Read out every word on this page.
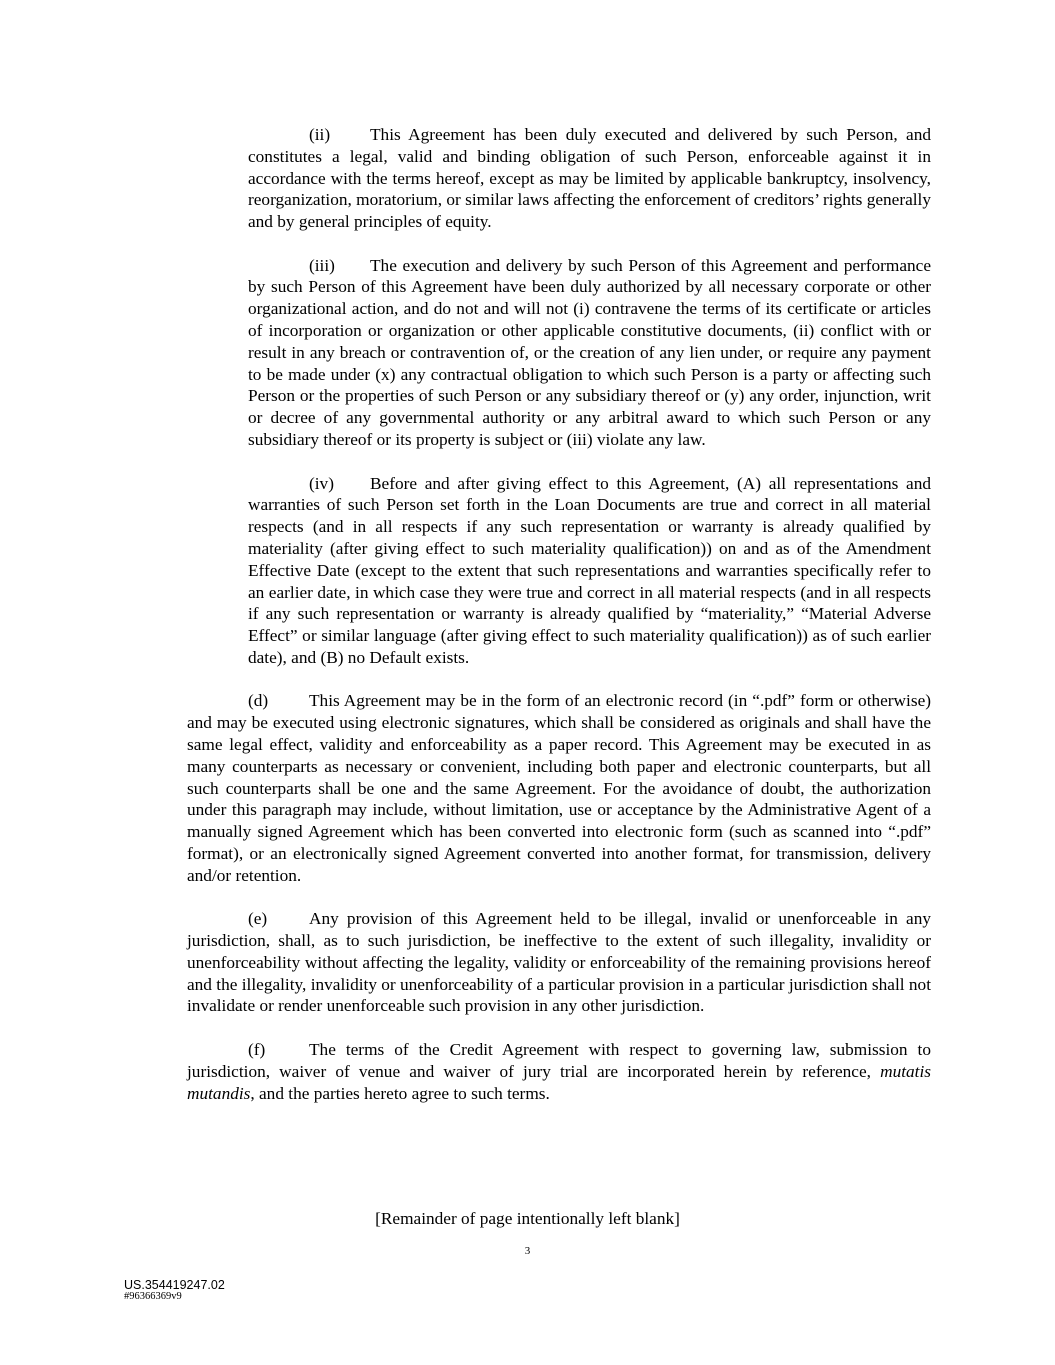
(ii) This Agreement has been duly executed and delivered by such Person, and constitutes a legal, valid and binding obligation of such Person, enforceable against it in accordance with the terms hereof, except as may be limited by applicable bankruptcy, insolvency, reorganization, moratorium, or similar laws affecting the enforcement of creditors’ rights generally and by general principles of equity.

(iii) The execution and delivery by such Person of this Agreement and performance by such Person of this Agreement have been duly authorized by all necessary corporate or other organizational action, and do not and will not (i) contravene the terms of its certificate or articles of incorporation or organization or other applicable constitutive documents, (ii) conflict with or result in any breach or contravention of, or the creation of any lien under, or require any payment to be made under (x) any contractual obligation to which such Person is a party or affecting such Person or the properties of such Person or any subsidiary thereof or (y) any order, injunction, writ or decree of any governmental authority or any arbitral award to which such Person or any subsidiary thereof or its property is subject or (iii) violate any law.

(iv) Before and after giving effect to this Agreement, (A) all representations and warranties of such Person set forth in the Loan Documents are true and correct in all material respects (and in all respects if any such representation or warranty is already qualified by materiality (after giving effect to such materiality qualification)) on and as of the Amendment Effective Date (except to the extent that such representations and warranties specifically refer to an earlier date, in which case they were true and correct in all material respects (and in all respects if any such representation or warranty is already qualified by “materiality,” “Material Adverse Effect” or similar language (after giving effect to such materiality qualification)) as of such earlier date), and (B) no Default exists.

(d) This Agreement may be in the form of an electronic record (in “.pdf” form or otherwise) and may be executed using electronic signatures, which shall be considered as originals and shall have the same legal effect, validity and enforceability as a paper record. This Agreement may be executed in as many counterparts as necessary or convenient, including both paper and electronic counterparts, but all such counterparts shall be one and the same Agreement. For the avoidance of doubt, the authorization under this paragraph may include, without limitation, use or acceptance by the Administrative Agent of a manually signed Agreement which has been converted into electronic form (such as scanned into “.pdf” format), or an electronically signed Agreement converted into another format, for transmission, delivery and/or retention.

(e) Any provision of this Agreement held to be illegal, invalid or unenforceable in any jurisdiction, shall, as to such jurisdiction, be ineffective to the extent of such illegality, invalidity or unenforceability without affecting the legality, validity or enforceability of the remaining provisions hereof and the illegality, invalidity or unenforceability of a particular provision in a particular jurisdiction shall not invalidate or render unenforceable such provision in any other jurisdiction.

(f)	The terms of the Credit Agreement with respect to governing law, submission to jurisdiction, waiver of venue and waiver of jury trial are incorporated herein by reference, mutatis mutandis, and the parties hereto agree to such terms.

[Remainder of page intentionally left blank]
3
US.354419247.02
#96366369v9
